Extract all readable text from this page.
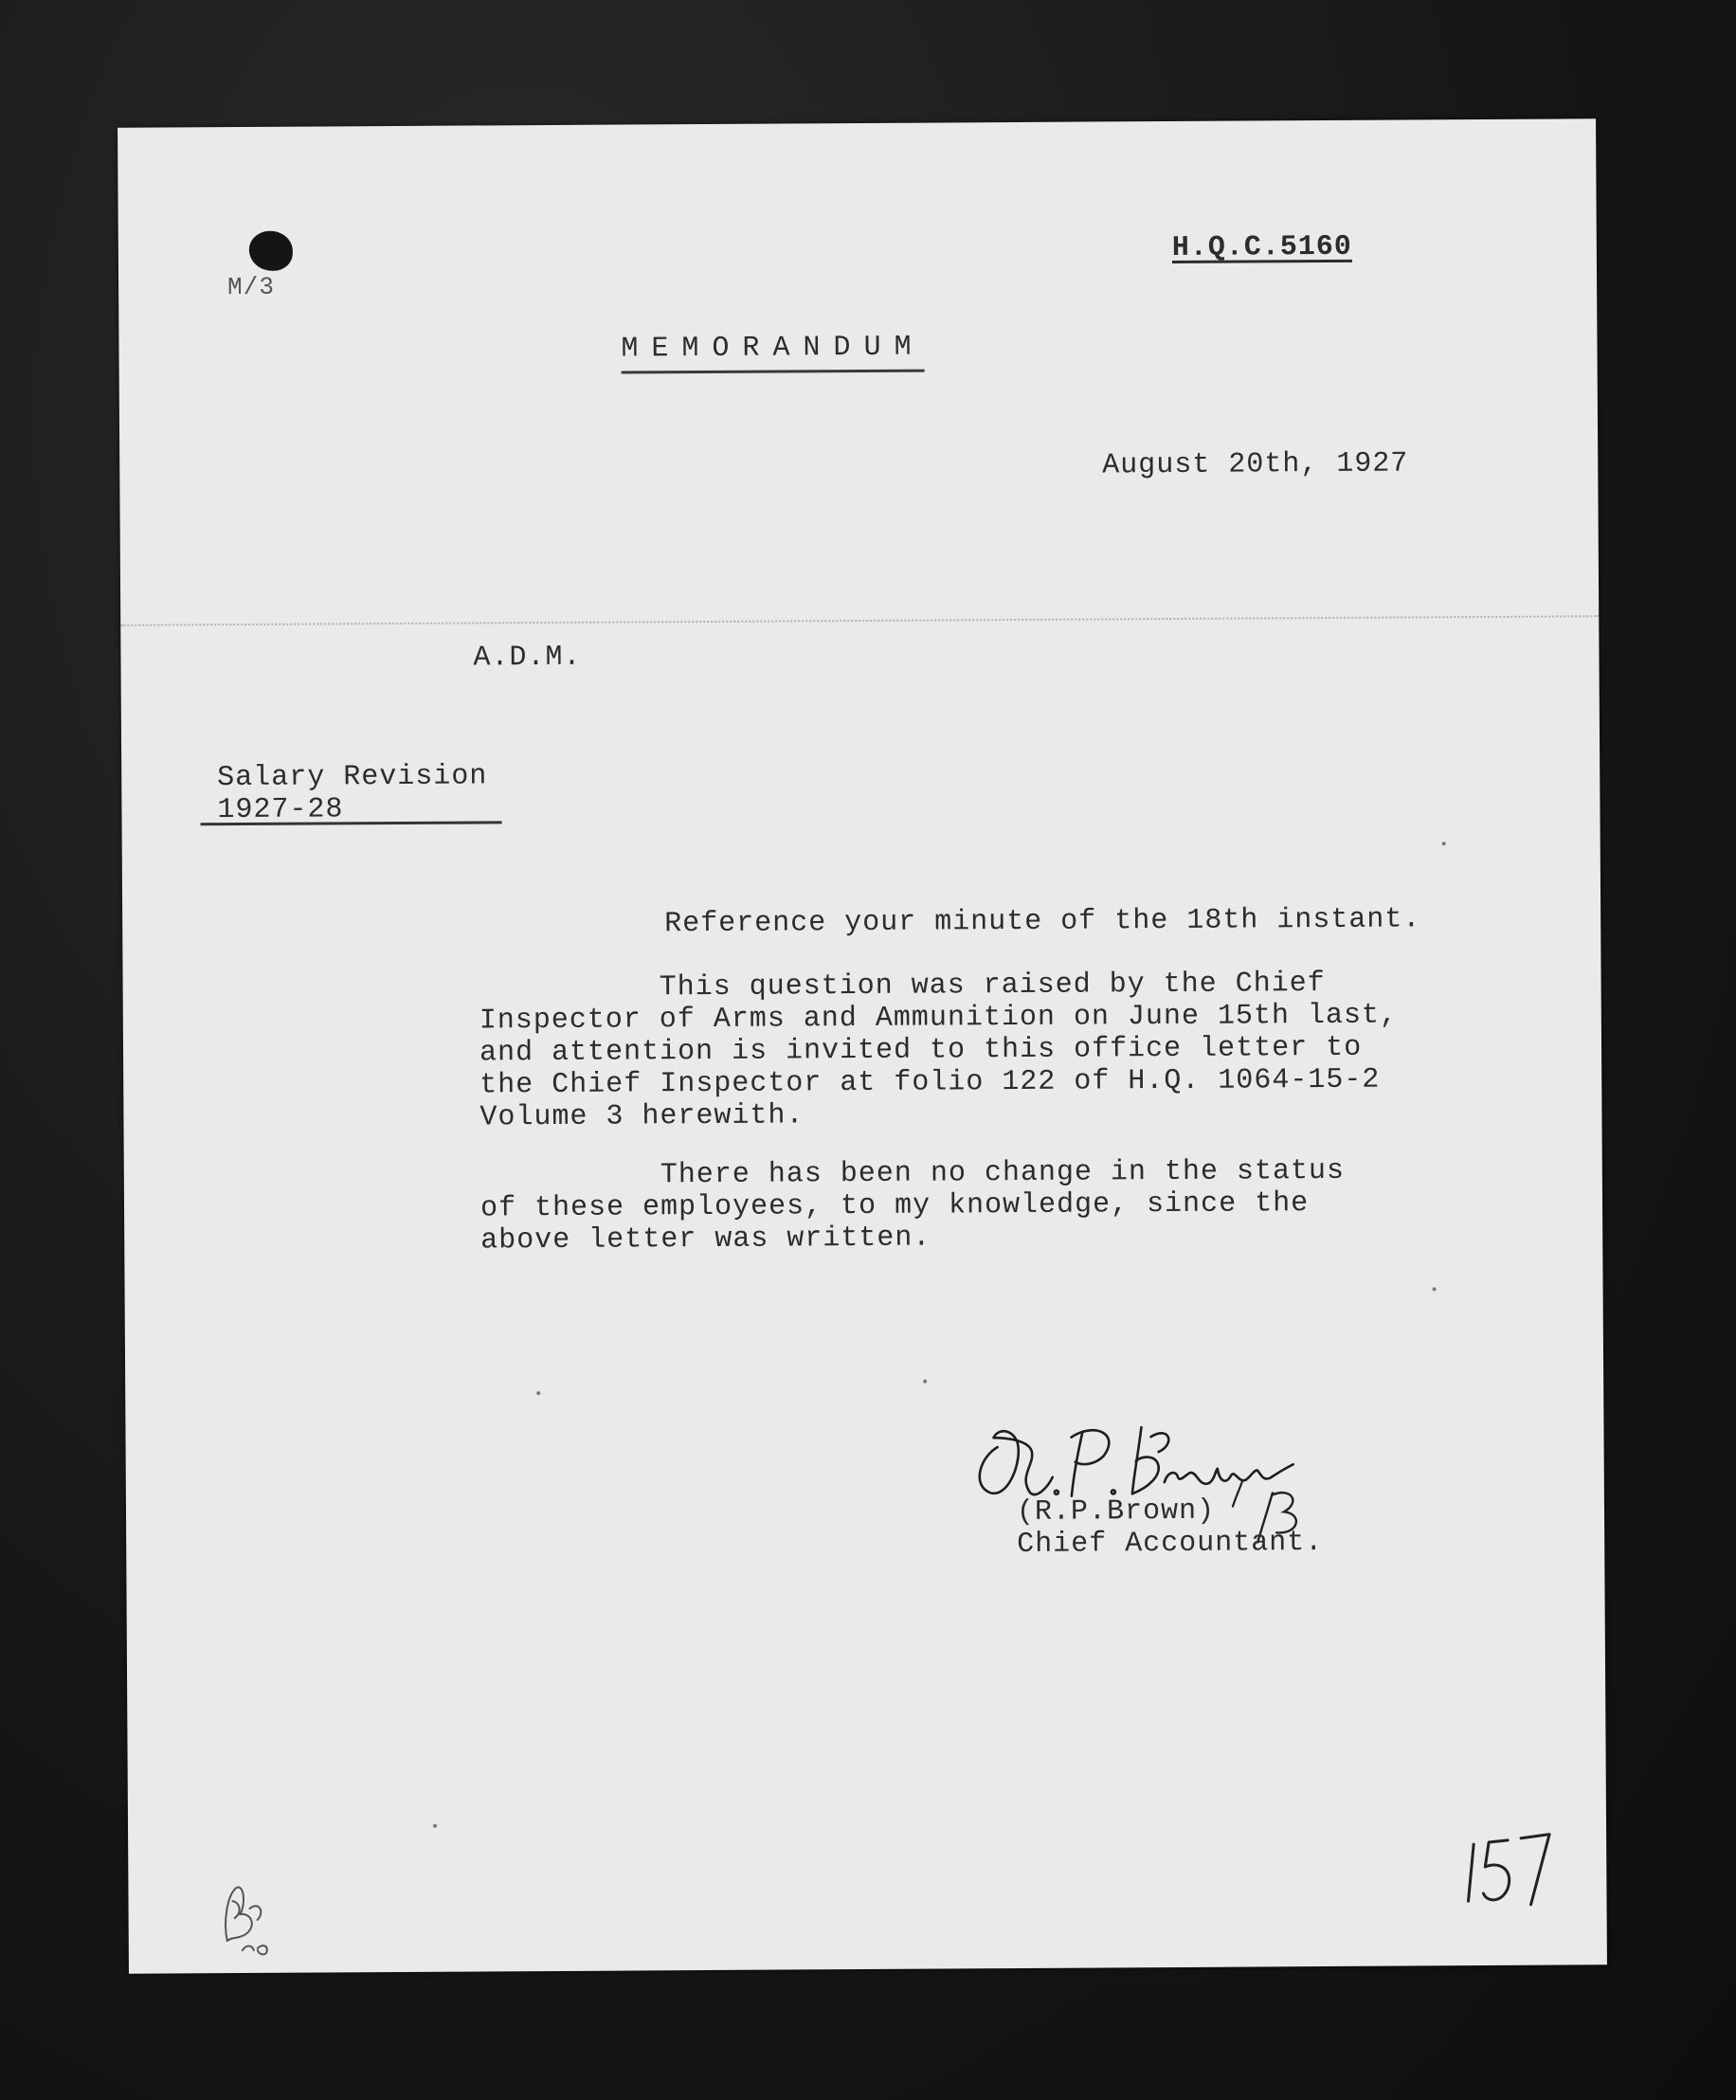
M/3
H.Q.C.5160
MEMORANDUM
August 20th, 1927
A.D.M.
Salary Revision
1927-28
Reference your minute of the 18th instant.
This question was raised by the Chief
Inspector of Arms and Ammunition on June 15th last,
and attention is invited to this office letter to
the Chief Inspector at folio 122 of H.Q. 1064-15-2
Volume 3 herewith.
There has been no change in the status
of these employees, to my knowledge, since the
above letter was written.
(R.P.Brown)
Chief Accountant.
